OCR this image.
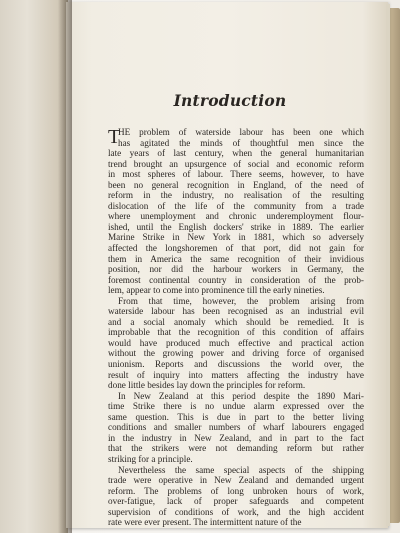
Introduction
T
HE problem of waterside labour has been one which
has agitated the minds of thoughtful men since the
late years of last century, when the general humanitarian
trend brought an upsurgence of social and economic reform
in most spheres of labour. There seems, however, to have
been no general recognition in England, of the need of
reform in the industry, no realisation of the resulting
dislocation of the life of the community from a trade
where unemployment and chronic underemployment flour-
ished, until the English dockers' strike in 1889. The earlier
Marine Strike in New York in 1881, which so adversely
affected the longshoremen of that port, did not gain for
them in America the same recognition of their invidious
position, nor did the harbour workers in Germany, the
foremost continental country in consideration of the prob-
lem, appear to come into prominence till the early nineties.
From that time, however, the problem arising from
waterside labour has been recognised as an industrial evil
and a social anomaly which should be remedied. It is
improbable that the recognition of this condition of affairs
would have produced much effective and practical action
without the growing power and driving force of organised
unionism. Reports and discussions the world over, the
result of inquiry into matters affecting the industry have
done little besides lay down the principles for reform.
In New Zealand at this period despite the 1890 Mari-
time Strike there is no undue alarm expressed over the
same question. This is due in part to the better living
conditions and smaller numbers of wharf labourers engaged
in the industry in New Zealand, and in part to the fact
that the strikers were not demanding reform but rather
striking for a principle.
Nevertheless the same special aspects of the shipping
trade were operative in New Zealand and demanded urgent
reform. The problems of long unbroken hours of work,
over-fatigue, lack of proper safeguards and competent
supervision of conditions of work, and the high accident
rate were ever present. The intermittent nature of the
